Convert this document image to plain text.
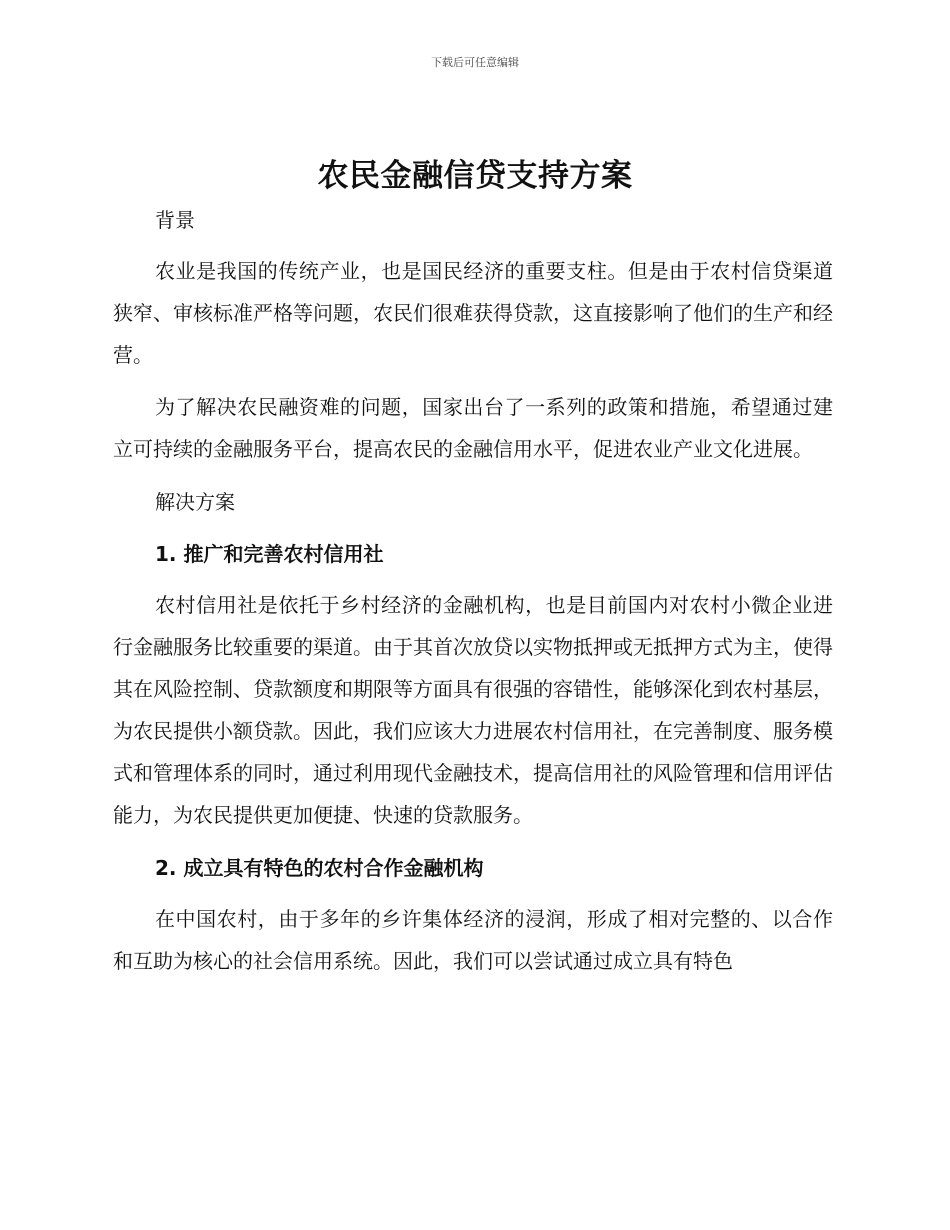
下载后可任意编辑
农民金融信贷支持方案

背景

农业是我国的传统产业，也是国民经济的重要支柱。但是由于农村信贷渠道狭窄、审核标准严格等问题，农民们很难获得贷款，这直接影响了他们的生产和经营。

为了解决农民融资难的问题，国家出台了一系列的政策和措施，希望通过建立可持续的金融服务平台，提高农民的金融信用水平，促进农业产业文化进展。

解决方案

1. 推广和完善农村信用社

农村信用社是依托于乡村经济的金融机构，也是目前国内对农村小微企业进行金融服务比较重要的渠道。由于其首次放贷以实物抵押或无抵押方式为主，使得其在风险控制、贷款额度和期限等方面具有很强的容错性，能够深化到农村基层，为农民提供小额贷款。因此，我们应该大力进展农村信用社，在完善制度、服务模式和管理体系的同时，通过利用现代金融技术，提高信用社的风险管理和信用评估能力，为农民提供更加便捷、快速的贷款服务。

2. 成立具有特色的农村合作金融机构

在中国农村，由于多年的乡许集体经济的浸润，形成了相对完整的、以合作和互助为核心的社会信用系统。因此，我们可以尝试通过成立具有特色
